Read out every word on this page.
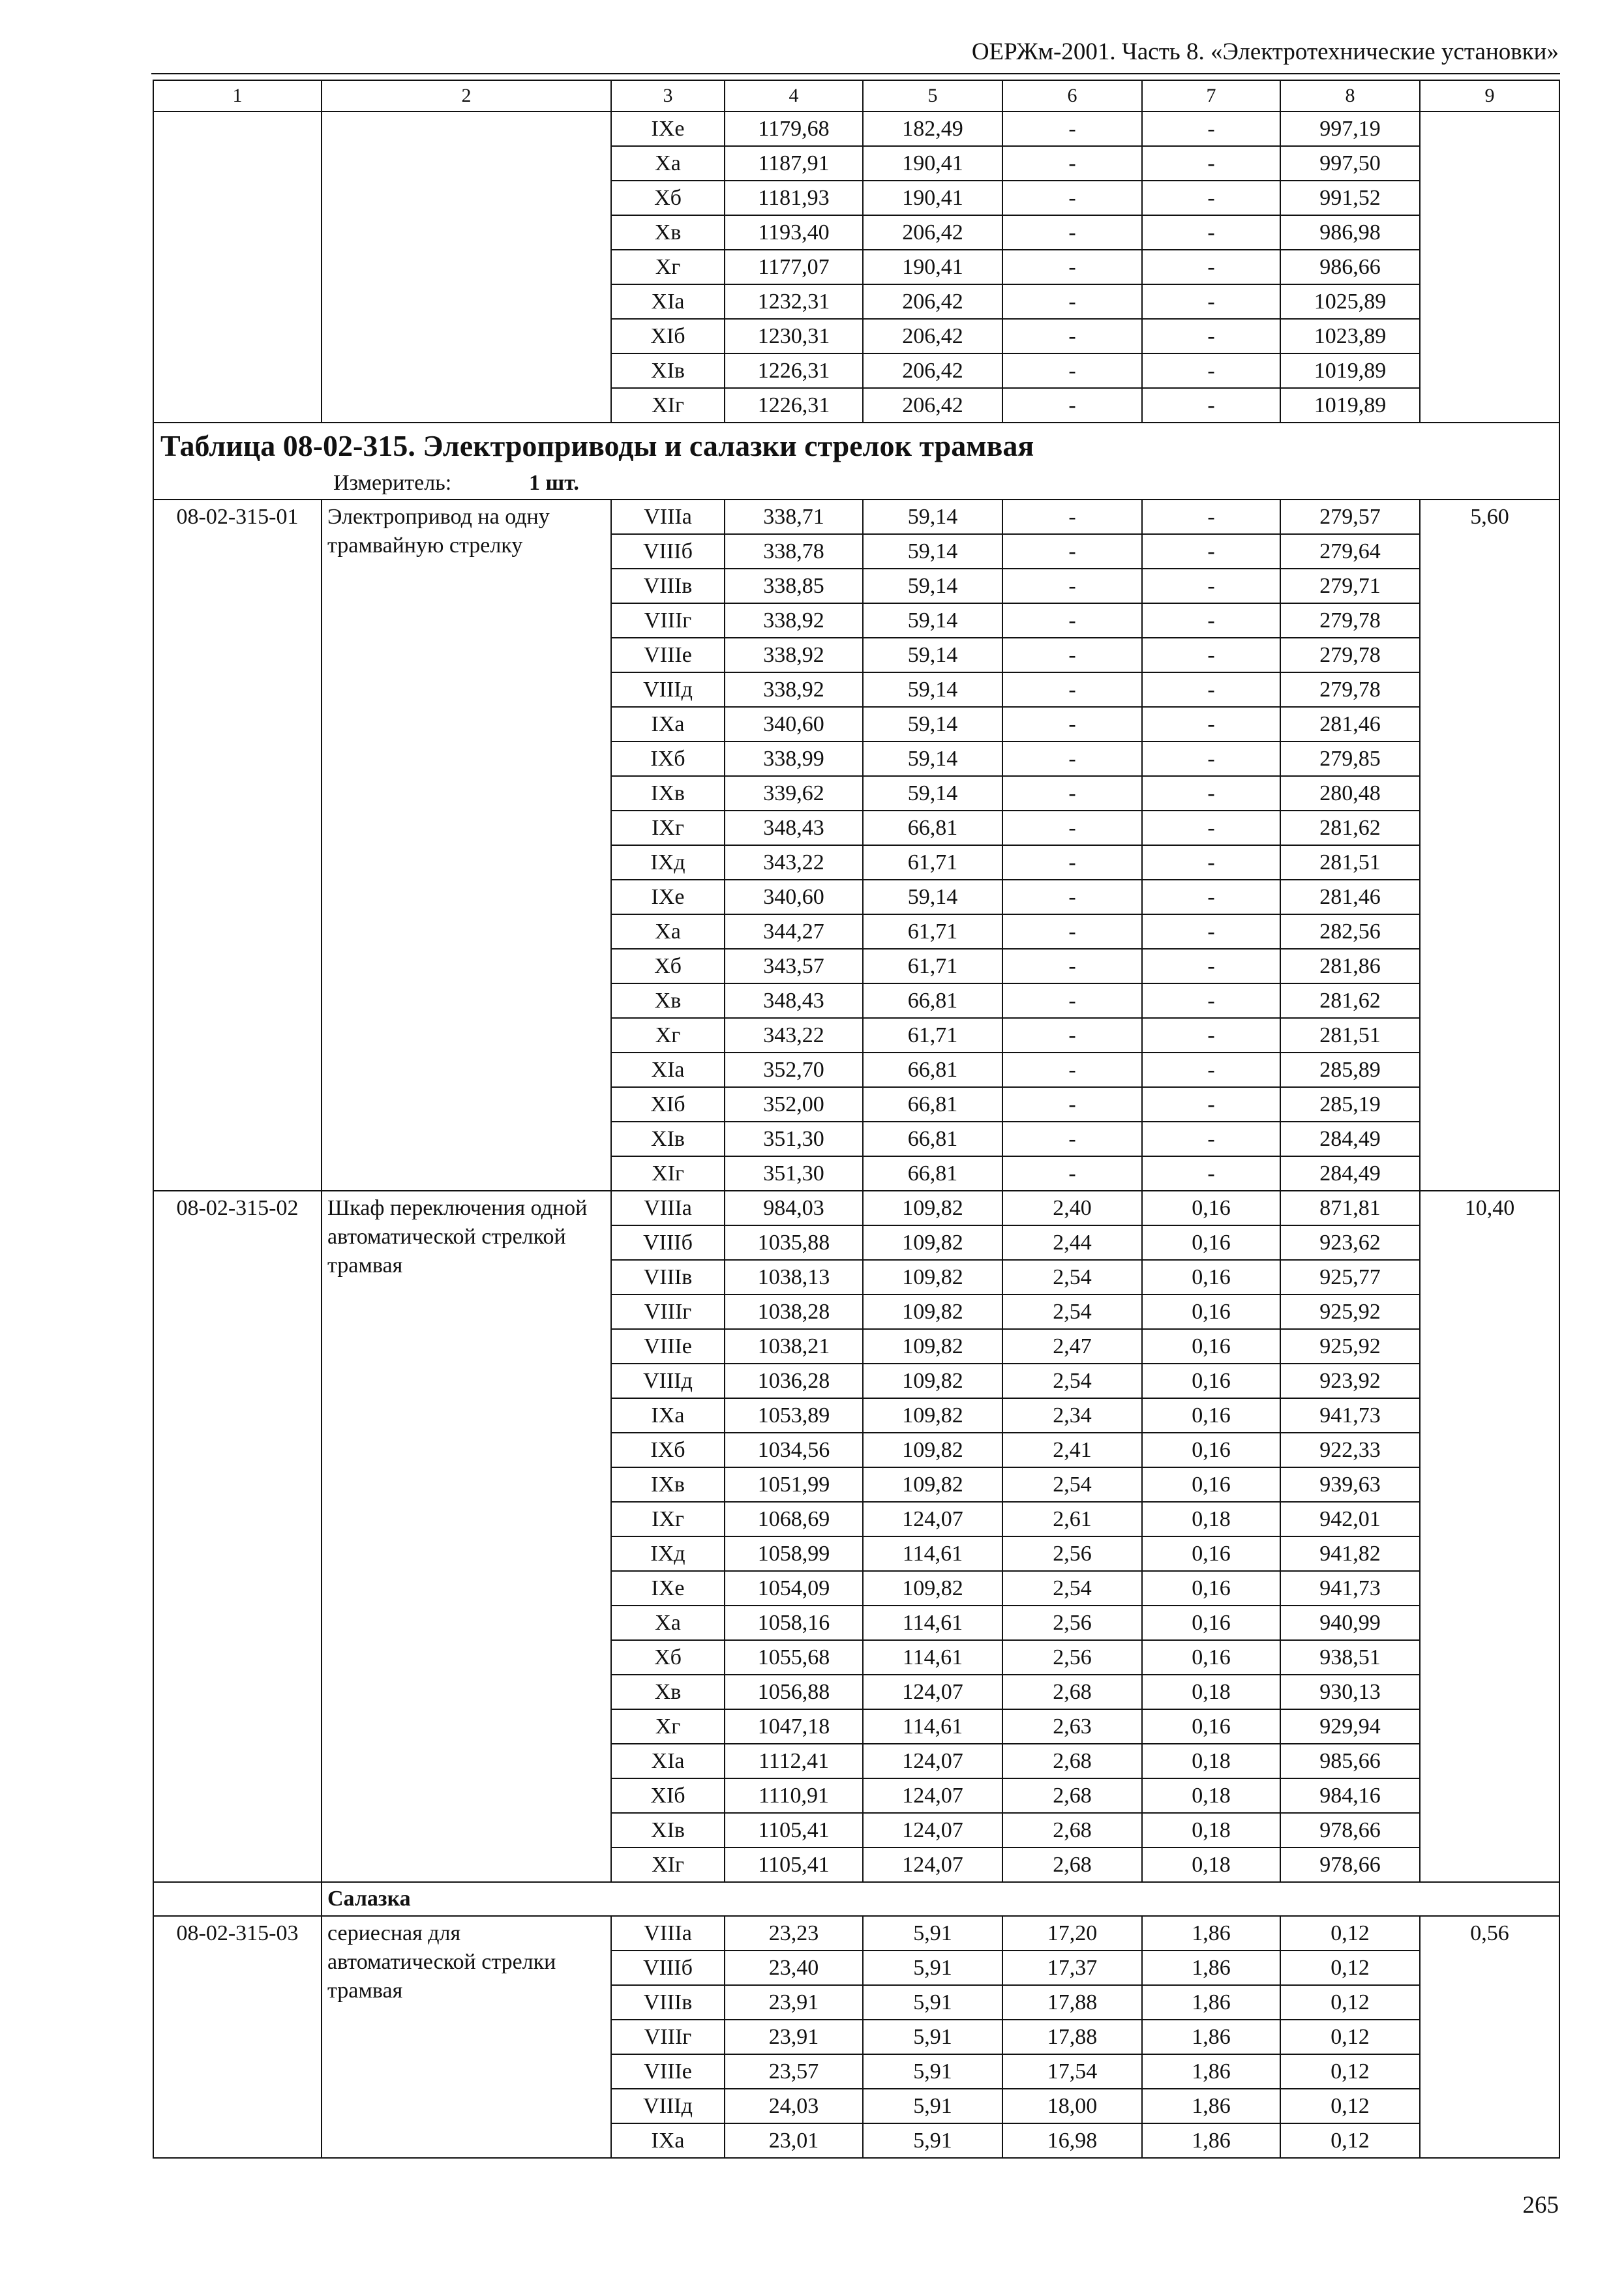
ОЕРЖм-2001. Часть 8. «Электротехнические установки»
1	2	3	4	5	6	7	8	9
		IXe	1179,68	182,49	-	-	997,19	
		Xa	1187,91	190,41	-	-	997,50	
		Xб	1181,93	190,41	-	-	991,52	
		Xв	1193,40	206,42	-	-	986,98	
		Xг	1177,07	190,41	-	-	986,66	
		XIa	1232,31	206,42	-	-	1025,89	
		XIб	1230,31	206,42	-	-	1023,89	
		XIв	1226,31	206,42	-	-	1019,89	
		XIг	1226,31	206,42	-	-	1019,89	
Таблица 08-02-315. Электроприводы и салазки стрелок трамвая								
Измеритель: 1 шт.								
08-02-315-01	Электропривод на одну трамвайную стрелку	VIIIa	338,71	59,14	-	-	279,57	5,60
		VIIIб	338,78	59,14	-	-	279,64	
		VIIIв	338,85	59,14	-	-	279,71	
		VIIIг	338,92	59,14	-	-	279,78	
		VIIIe	338,92	59,14	-	-	279,78	
		VIIIд	338,92	59,14	-	-	279,78	
		IXa	340,60	59,14	-	-	281,46	
		IXб	338,99	59,14	-	-	279,85	
		IXв	339,62	59,14	-	-	280,48	
		IXг	348,43	66,81	-	-	281,62	
		IXд	343,22	61,71	-	-	281,51	
		IXe	340,60	59,14	-	-	281,46	
		Xa	344,27	61,71	-	-	282,56	
		Xб	343,57	61,71	-	-	281,86	
		Xв	348,43	66,81	-	-	281,62	
		Xг	343,22	61,71	-	-	281,51	
		XIa	352,70	66,81	-	-	285,89	
		XIб	352,00	66,81	-	-	285,19	
		XIв	351,30	66,81	-	-	284,49	
		XIг	351,30	66,81	-	-	284,49	
08-02-315-02	Шкаф переключения одной автоматической стрелкой трамвая	VIIIa	984,03	109,82	2,40	0,16	871,81	10,40
		VIIIб	1035,88	109,82	2,44	0,16	923,62	
		VIIIв	1038,13	109,82	2,54	0,16	925,77	
		VIIIг	1038,28	109,82	2,54	0,16	925,92	
		VIIIe	1038,21	109,82	2,47	0,16	925,92	
		VIIIд	1036,28	109,82	2,54	0,16	923,92	
		IXa	1053,89	109,82	2,34	0,16	941,73	
		IXб	1034,56	109,82	2,41	0,16	922,33	
		IXв	1051,99	109,82	2,54	0,16	939,63	
		IXг	1068,69	124,07	2,61	0,18	942,01	
		IXд	1058,99	114,61	2,56	0,16	941,82	
		IXe	1054,09	109,82	2,54	0,16	941,73	
		Xa	1058,16	114,61	2,56	0,16	940,99	
		Xб	1055,68	114,61	2,56	0,16	938,51	
		Xв	1056,88	124,07	2,68	0,18	930,13	
		Xг	1047,18	114,61	2,63	0,16	929,94	
		XIa	1112,41	124,07	2,68	0,18	985,66	
		XIб	1110,91	124,07	2,68	0,18	984,16	
		XIв	1105,41	124,07	2,68	0,18	978,66	
		XIг	1105,41	124,07	2,68	0,18	978,66	
	Салазка							
08-02-315-03	сериесная для автоматической стрелки трамвая	VIIIa	23,23	5,91	17,20	1,86	0,12	0,56
		VIIIб	23,40	5,91	17,37	1,86	0,12	
		VIIIв	23,91	5,91	17,88	1,86	0,12	
		VIIIг	23,91	5,91	17,88	1,86	0,12	
		VIIIe	23,57	5,91	17,54	1,86	0,12	
		VIIIд	24,03	5,91	18,00	1,86	0,12	
		IXa	23,01	5,91	16,98	1,86	0,12	
265
